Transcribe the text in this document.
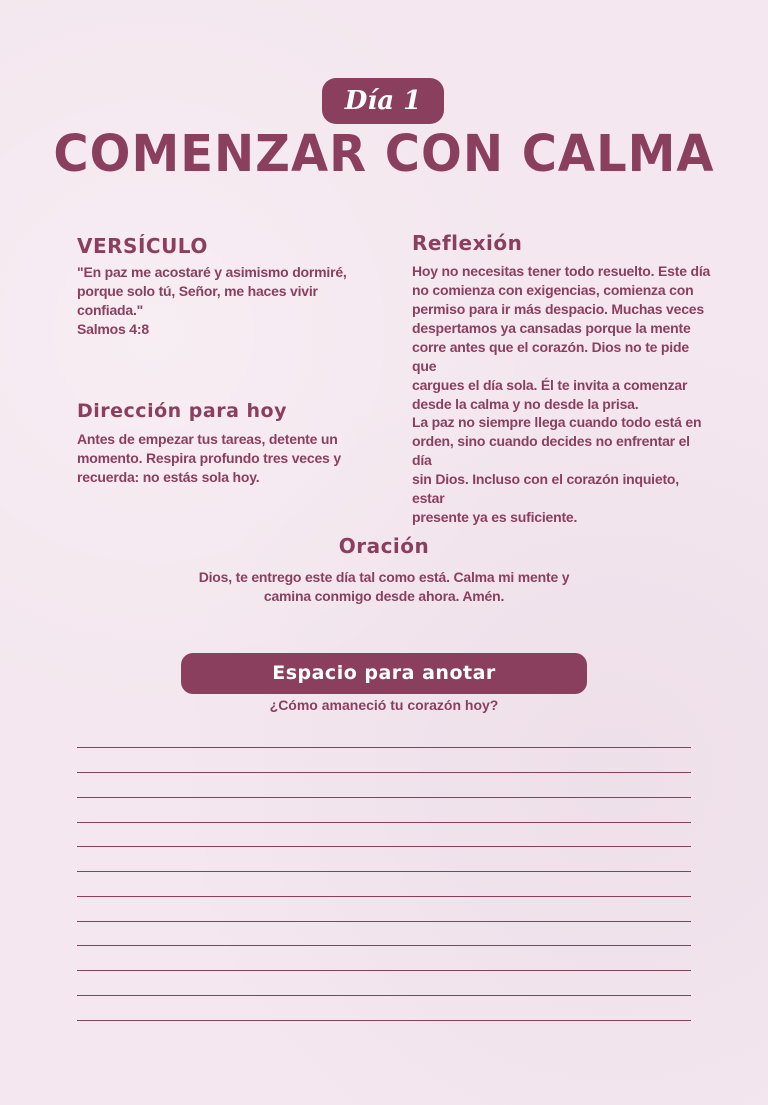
Día 1
COMENZAR CON CALMA
VERSÍCULO
"En paz me acostaré y asimismo dormiré,
porque solo tú, Señor, me haces vivir confiada."
Salmos 4:8
Reflexión
Hoy no necesitas tener todo resuelto. Este día
no comienza con exigencias, comienza con
permiso para ir más despacio. Muchas veces
despertamos ya cansadas porque la mente
corre antes que el corazón. Dios no te pide que
cargues el día sola. Él te invita a comenzar
desde la calma y no desde la prisa.
La paz no siempre llega cuando todo está en
orden, sino cuando decides no enfrentar el día
sin Dios. Incluso con el corazón inquieto, estar
presente ya es suficiente.
Dirección para hoy
Antes de empezar tus tareas, detente un
momento. Respira profundo tres veces y
recuerda: no estás sola hoy.
Oración
Dios, te entrego este día tal como está. Calma mi mente y
camina conmigo desde ahora. Amén.
Espacio para anotar
¿Cómo amaneció tu corazón hoy?
